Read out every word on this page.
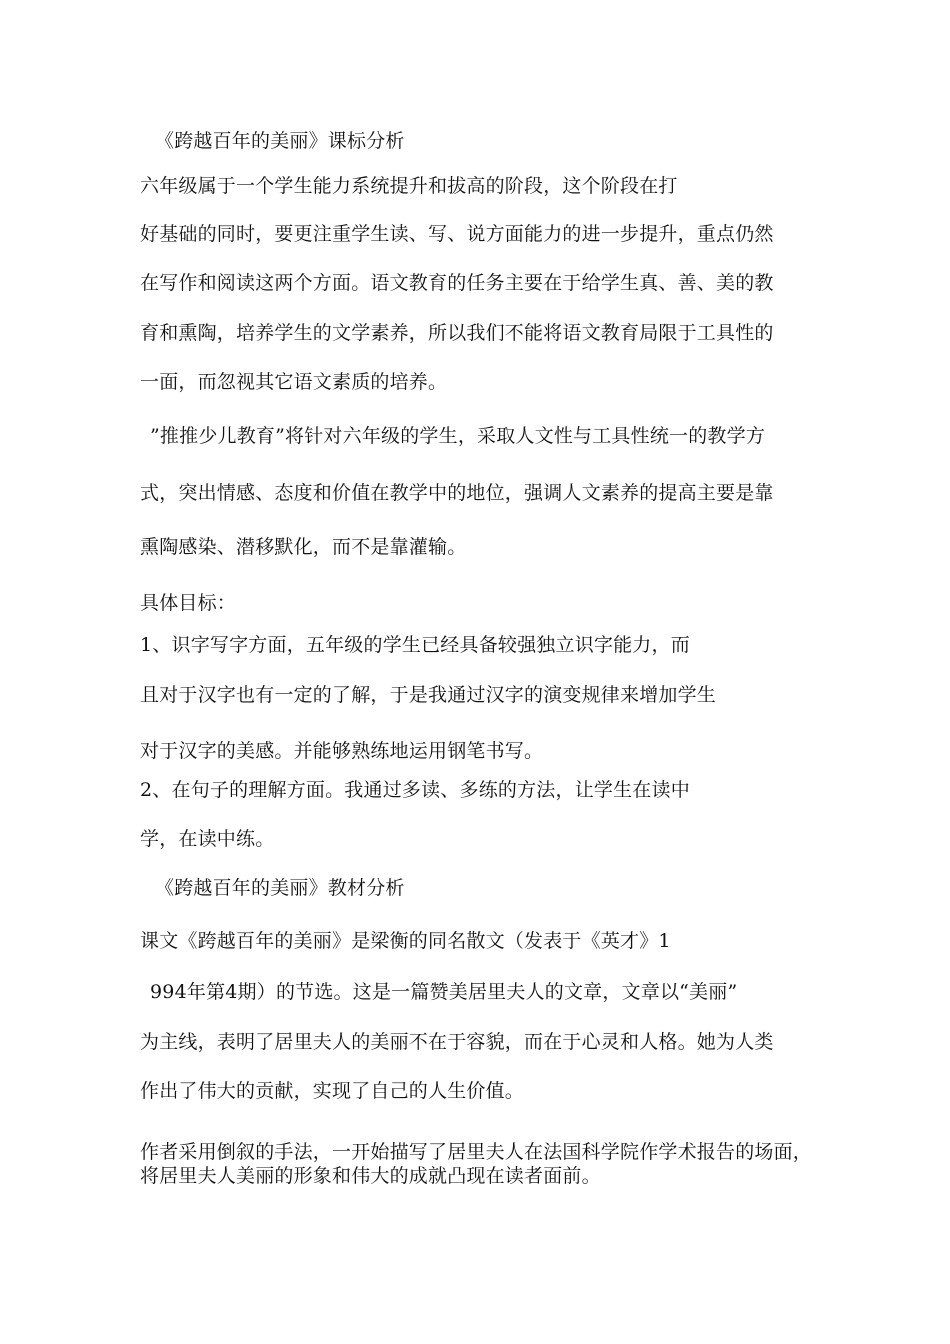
《跨越百年的美丽》课标分析
六年级属于一个学生能力系统提升和拔高的阶段，这个阶段在打
好基础的同时，要更注重学生读、写、说方面能力的进一步提升，重点仍然
在写作和阅读这两个方面。语文教育的任务主要在于给学生真、善、美的教
育和熏陶，培养学生的文学素养，所以我们不能将语文教育局限于工具性的
一面，而忽视其它语文素质的培养。
”推推少儿教育”将针对六年级的学生，采取人文性与工具性统一的教学方
式，突出情感、态度和价值在教学中的地位，强调人文素养的提高主要是靠
熏陶感染、潜移默化，而不是靠灌输。
具体目标：
1、识字写字方面，五年级的学生已经具备较强独立识字能力，而
且对于汉字也有一定的了解，于是我通过汉字的演变规律来增加学生
对于汉字的美感。并能够熟练地运用钢笔书写。
2、在句子的理解方面。我通过多读、多练的方法，让学生在读中
学，在读中练。
《跨越百年的美丽》教材分析
课文《跨越百年的美丽》是梁衡的同名散文（发表于《英才》1
994年第4期）的节选。这是一篇赞美居里夫人的文章，文章以“美丽”
为主线，表明了居里夫人的美丽不在于容貌，而在于心灵和人格。她为人类
作出了伟大的贡献，实现了自己的人生价值。
作者采用倒叙的手法，一开始描写了居里夫人在法国科学院作学术报告的场面，将居里夫人美丽的形象和伟大的成就凸现在读者面前。
